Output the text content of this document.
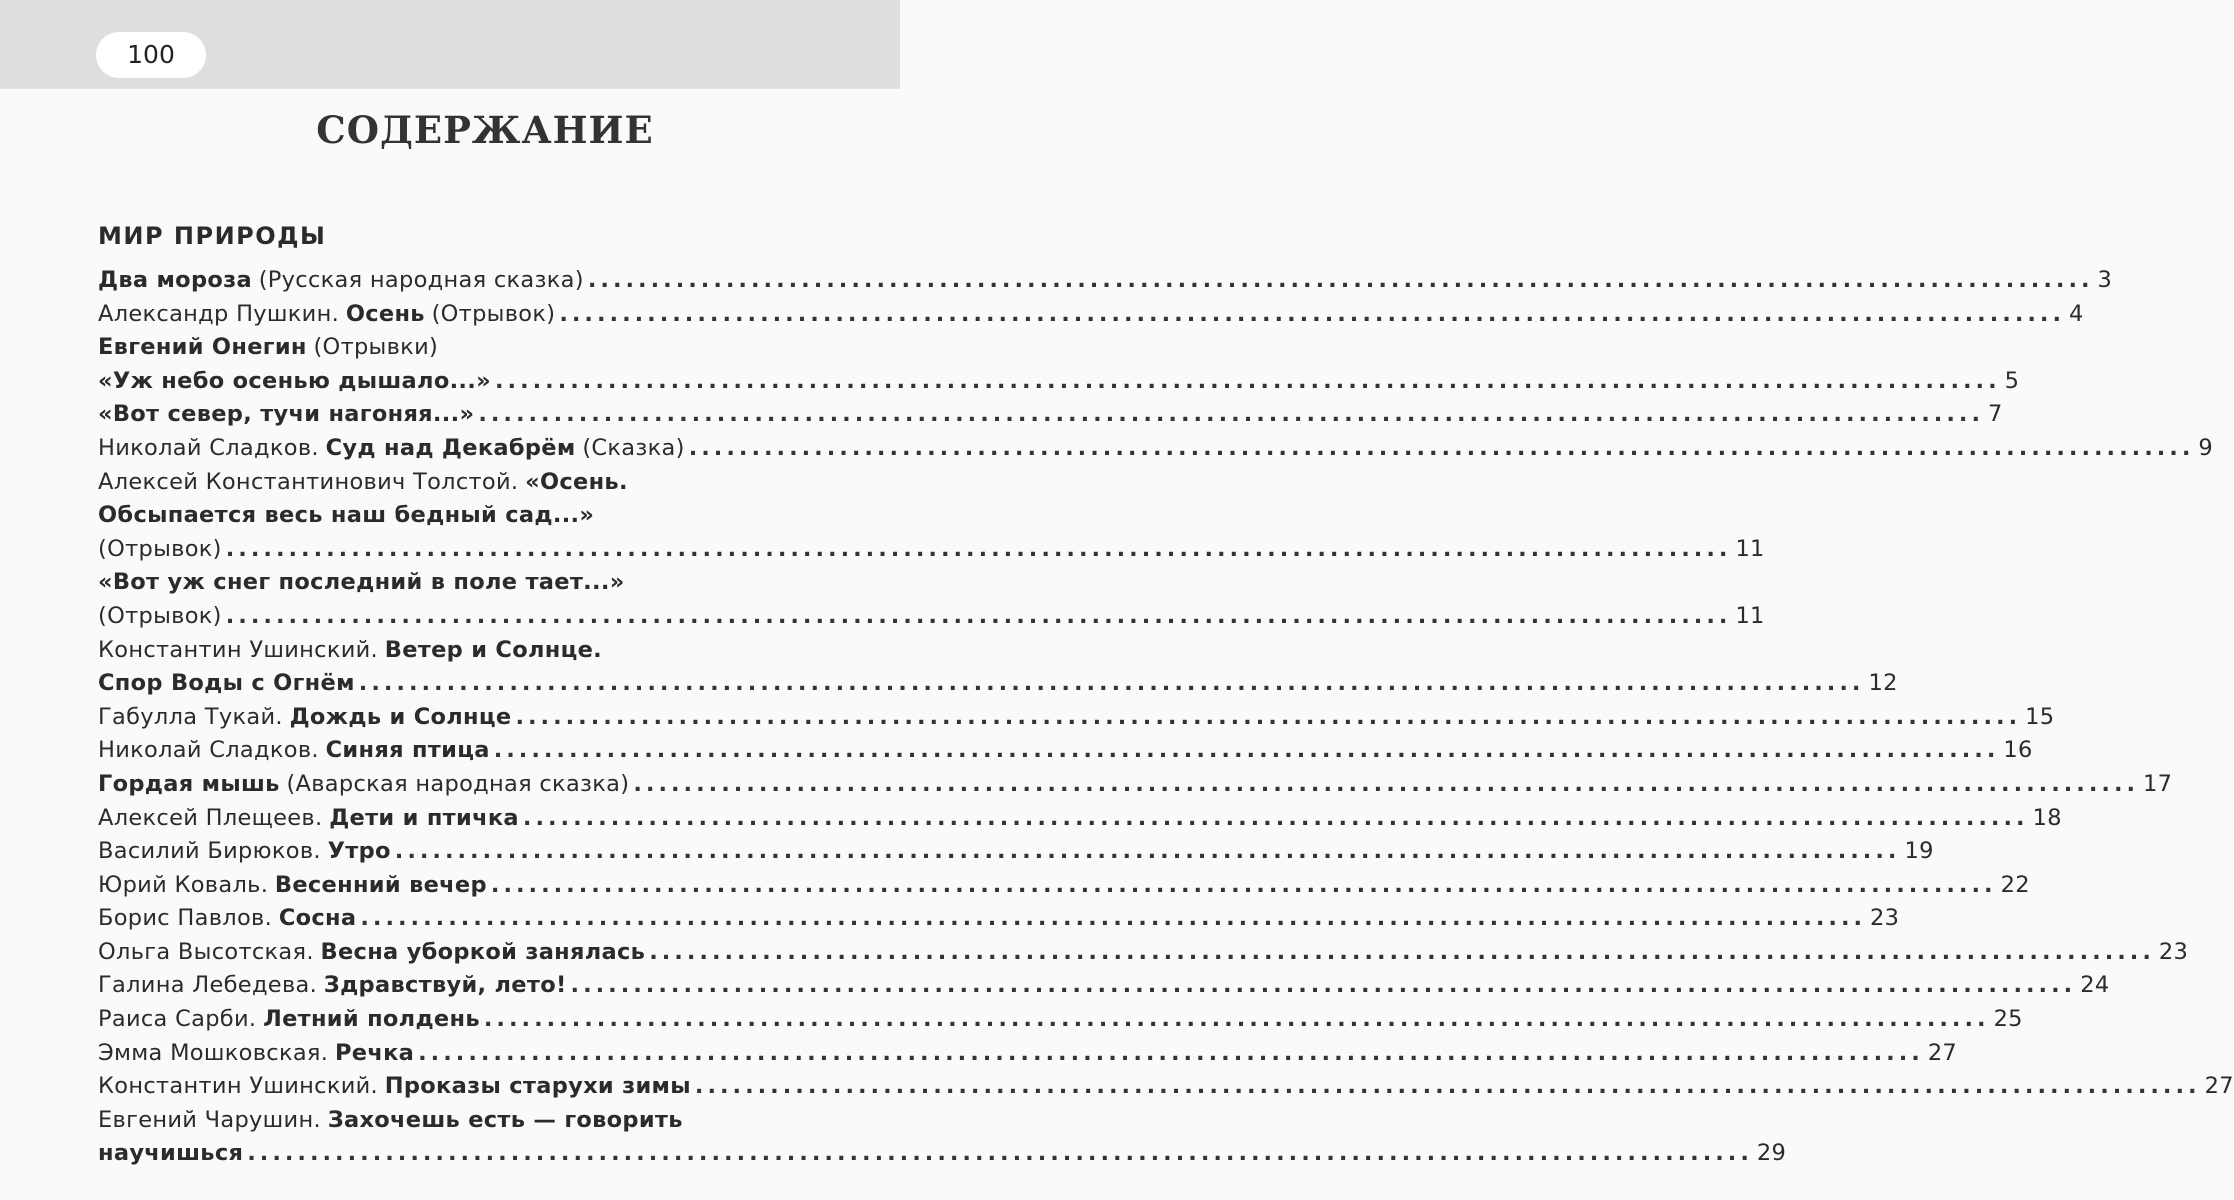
100
СОДЕРЖАНИЕ
МИР ПРИРОДЫ
Два мороза (Русская народная сказка) ........................................................................................................................ 3
Александр Пушкин. Осень (Отрывок) ........................................................................................................................ 4
Евгений Онегин (Отрывки)
«Уж небо осенью дышало...» ........................................................................................................................ 5
«Вот север, тучи нагоняя...» ........................................................................................................................ 7
Николай Сладков. Суд над Декабрём (Сказка) ........................................................................................................................ 9
Алексей Константинович Толстой. «Осень.
Обсыпается весь наш бедный сад...»
(Отрывок) ........................................................................................................................ 11
«Вот уж снег последний в поле тает...»
(Отрывок) ........................................................................................................................ 11
Константин Ушинский. Ветер и Солнце.
Спор Воды с Огнём ........................................................................................................................ 12
Габулла Тукай. Дождь и Солнце ........................................................................................................................ 15
Николай Сладков. Синяя птица ........................................................................................................................ 16
Гордая мышь (Аварская народная сказка) ........................................................................................................................ 17
Алексей Плещеев. Дети и птичка ........................................................................................................................ 18
Василий Бирюков. Утро ........................................................................................................................ 19
Юрий Коваль. Весенний вечер ........................................................................................................................ 22
Борис Павлов. Сосна ........................................................................................................................ 23
Ольга Высотская. Весна уборкой занялась ........................................................................................................................ 23
Галина Лебедева. Здравствуй, лето! ........................................................................................................................ 24
Раиса Сарби. Летний полдень ........................................................................................................................ 25
Эмма Мошковская. Речка ........................................................................................................................ 27
Константин Ушинский. Проказы старухи зимы ........................................................................................................................ 27
Евгений Чарушин. Захочешь есть — говорить
научишься ........................................................................................................................ 29
